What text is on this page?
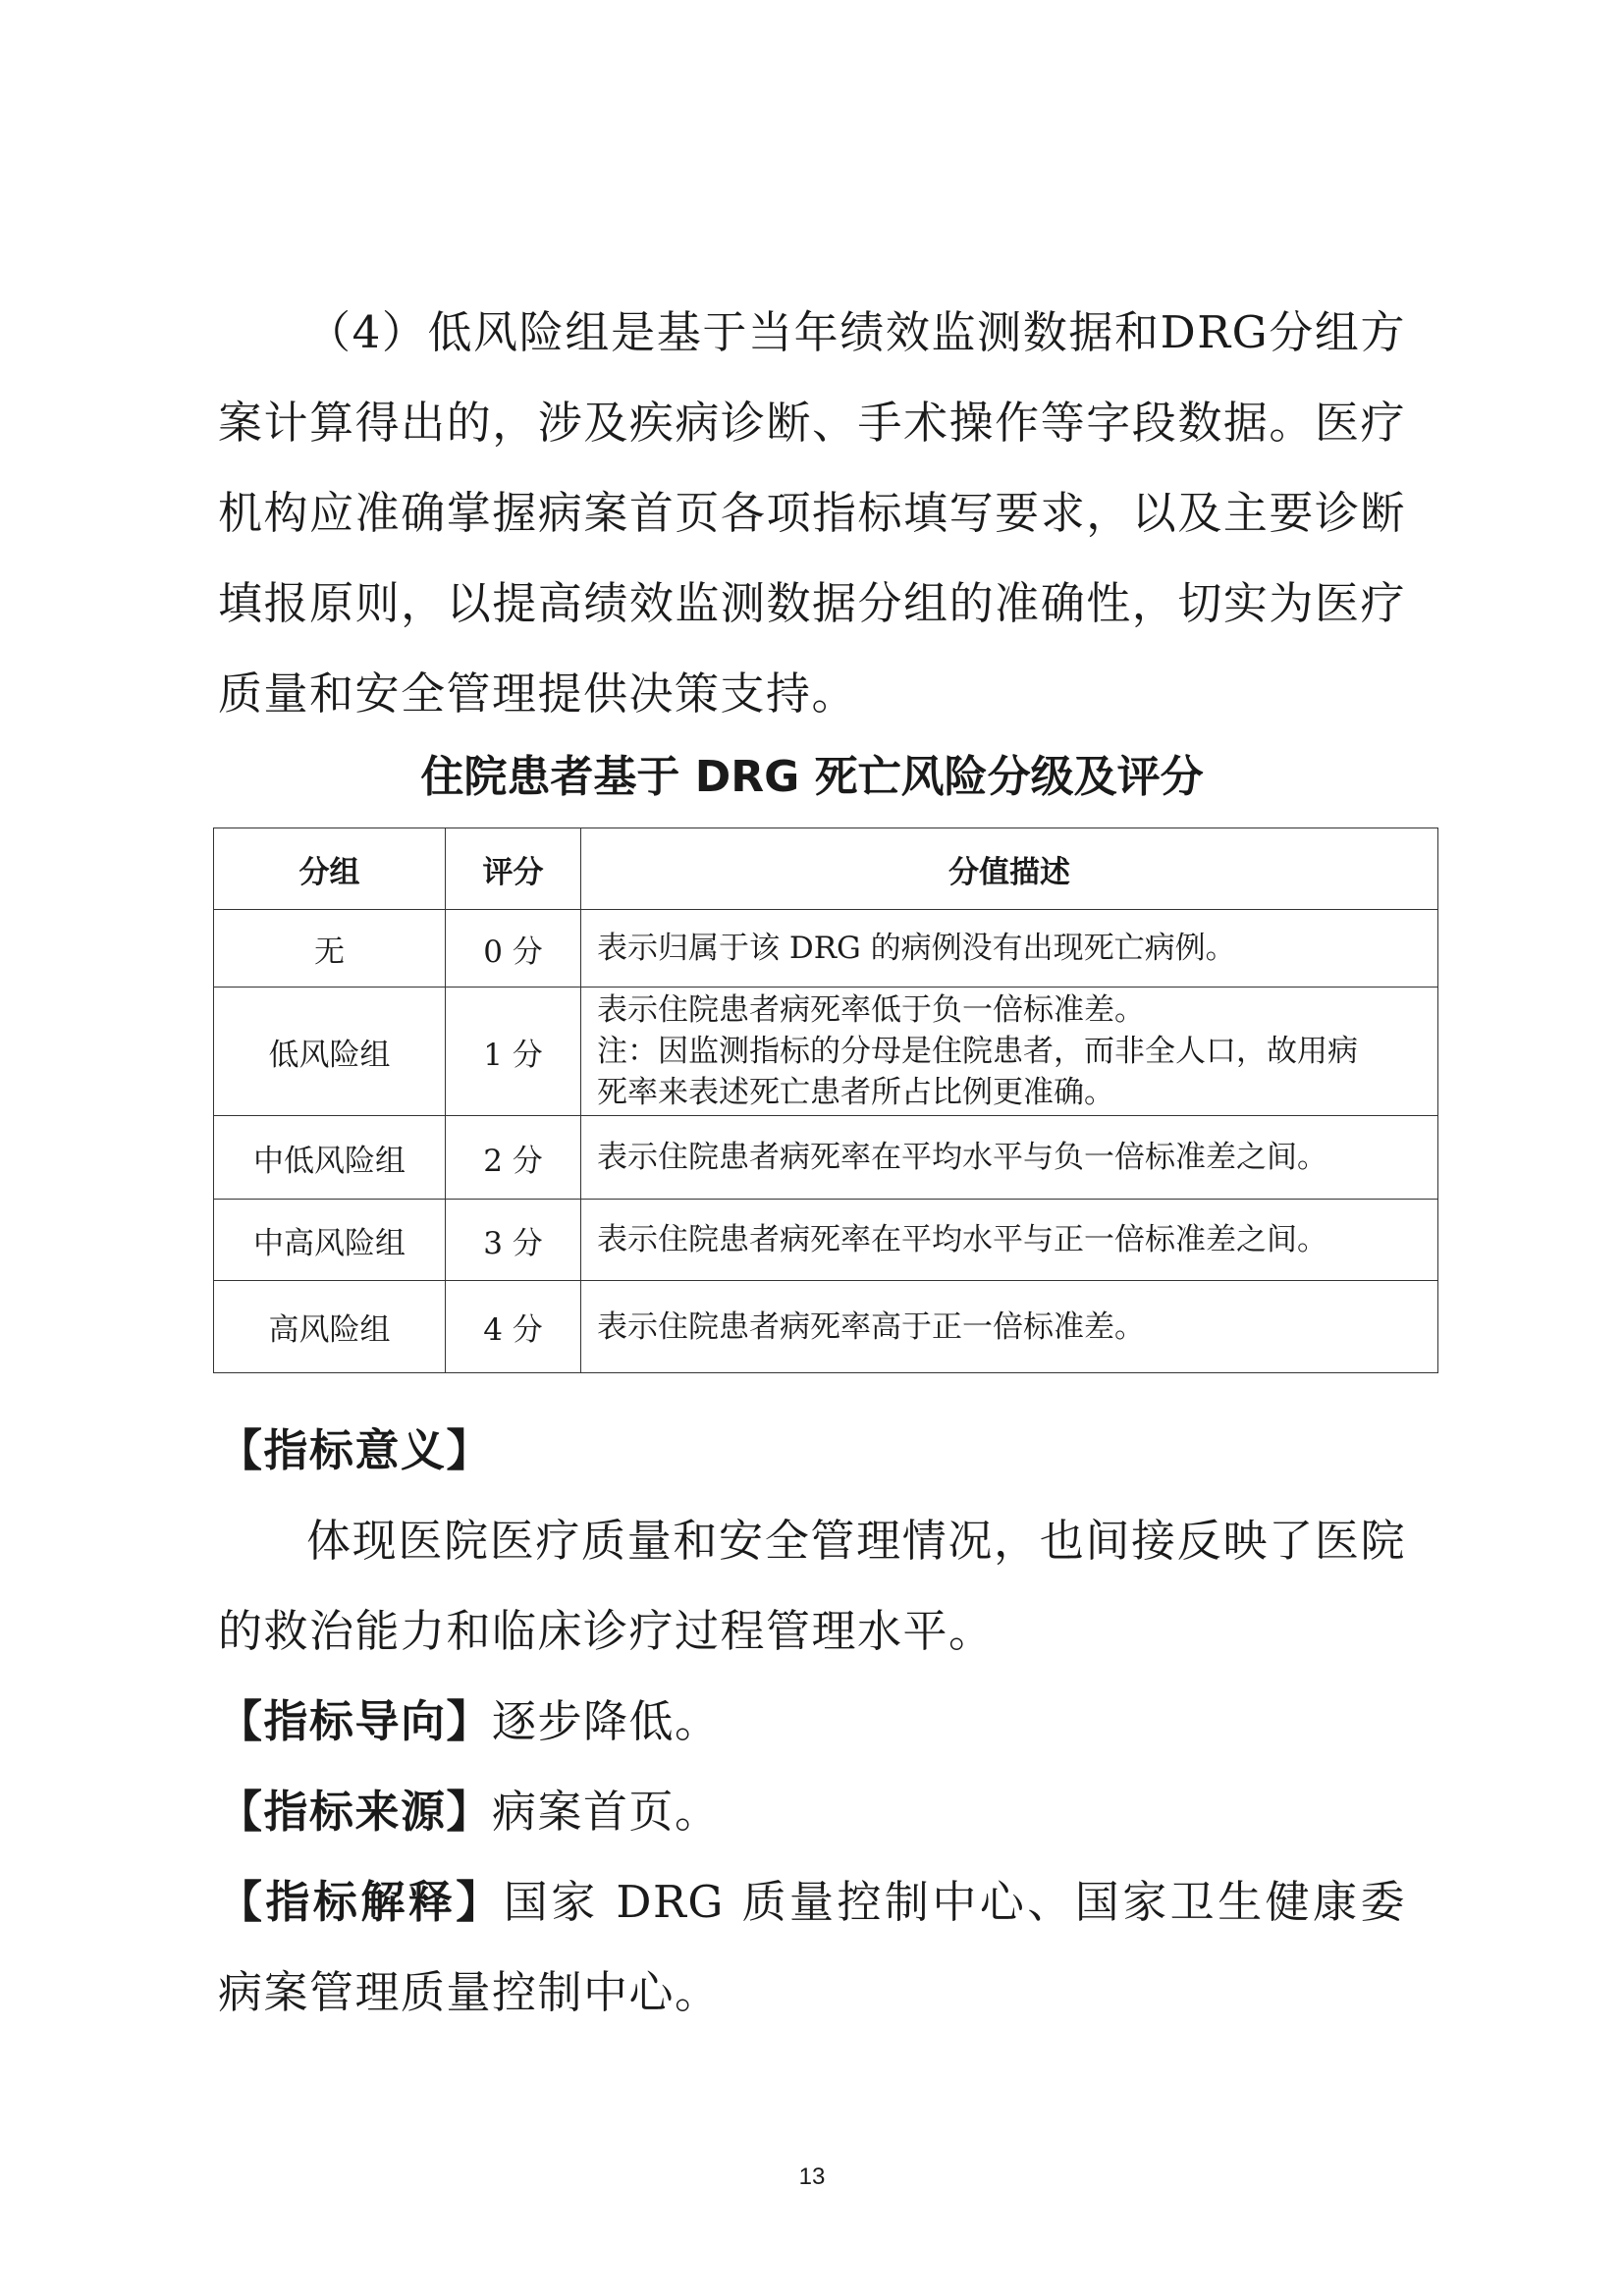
（4）低风险组是基于当年绩效监测数据和DRG分组方案计算得出的，涉及疾病诊断、手术操作等字段数据。医疗机构应准确掌握病案首页各项指标填写要求，以及主要诊断填报原则，以提高绩效监测数据分组的准确性，切实为医疗质量和安全管理提供决策支持。

住院患者基于 DRG 死亡风险分级及评分

分组	评分	分值描述
无	0 分	表示归属于该 DRG 的病例没有出现死亡病例。

低风险组	1 分	表示住院患者病死率低于负一倍标准差。
注：因监测指标的分母是住院患者，而非全人口，故用病
死率来表述死亡患者所占比例更准确。

中低风险组	2 分	表示住院患者病死率在平均水平与负一倍标准差之间。

中高风险组	3 分	表示住院患者病死率在平均水平与正一倍标准差之间。

高风险组	4 分	表示住院患者病死率高于正一倍标准差。

【指标意义】

体现医院医疗质量和安全管理情况，也间接反映了医院的救治能力和临床诊疗过程管理水平。

【指标导向】逐步降低。

【指标来源】病案首页。

【指标解释】国家 DRG 质量控制中心、国家卫生健康委病案管理质量控制中心。

13
